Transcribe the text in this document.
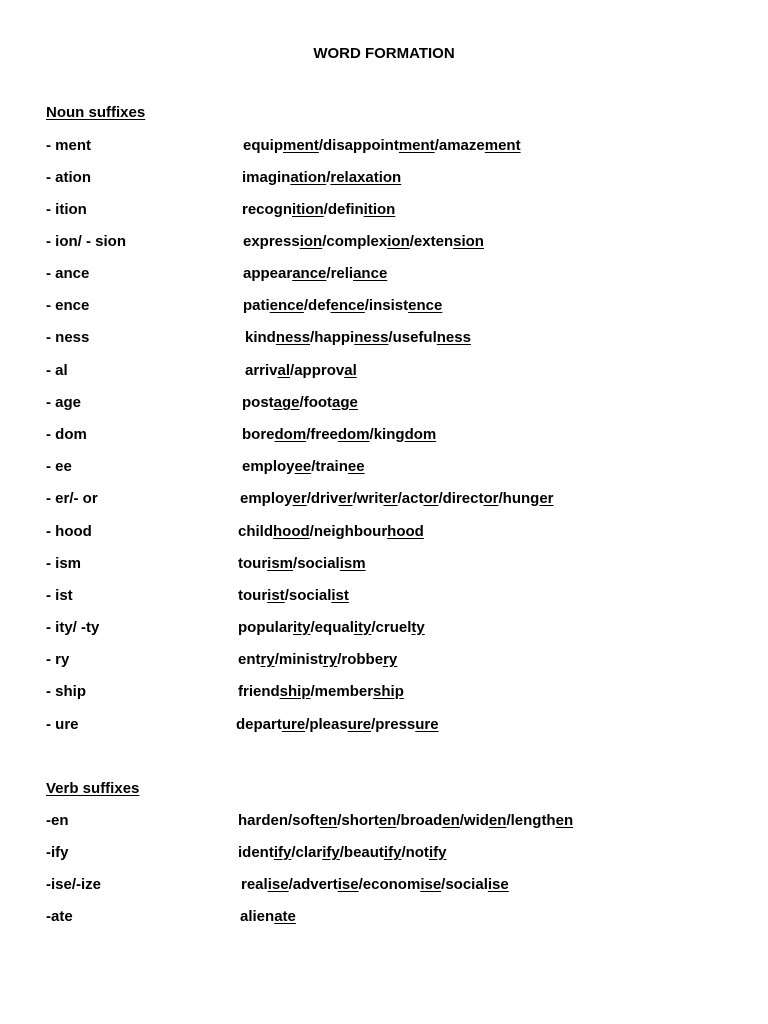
WORD FORMATION
Noun suffixes
- ment	equipment/disappointment/amazement
- ation	imagination/relaxation
- ition	recognition/definition
- ion/ - sion	expression/complexion/extension
- ance	appearance/reliance
- ence	patience/defence/insistence
- ness	kindness/happiness/usefulness
- al	arrival/approval
- age	postage/footage
- dom	boredom/freedom/kingdom
- ee	employee/trainee
- er/- or	employer/driver/writer/actor/director/hunger
- hood	childhood/neighbourhood
- ism	tourism/socialism
- ist	tourist/socialist
- ity/ -ty	popularity/equality/cruelty
- ry	entry/ministry/robbery
- ship	friendship/membership
- ure	departure/pleasure/pressure
Verb suffixes
-en	harden/soften/shorten/broaden/widen/lengthen
-ify	identify/clarify/beautify/notify
-ise/-ize	realise/advertise/economise/socialise
-ate	alienate
